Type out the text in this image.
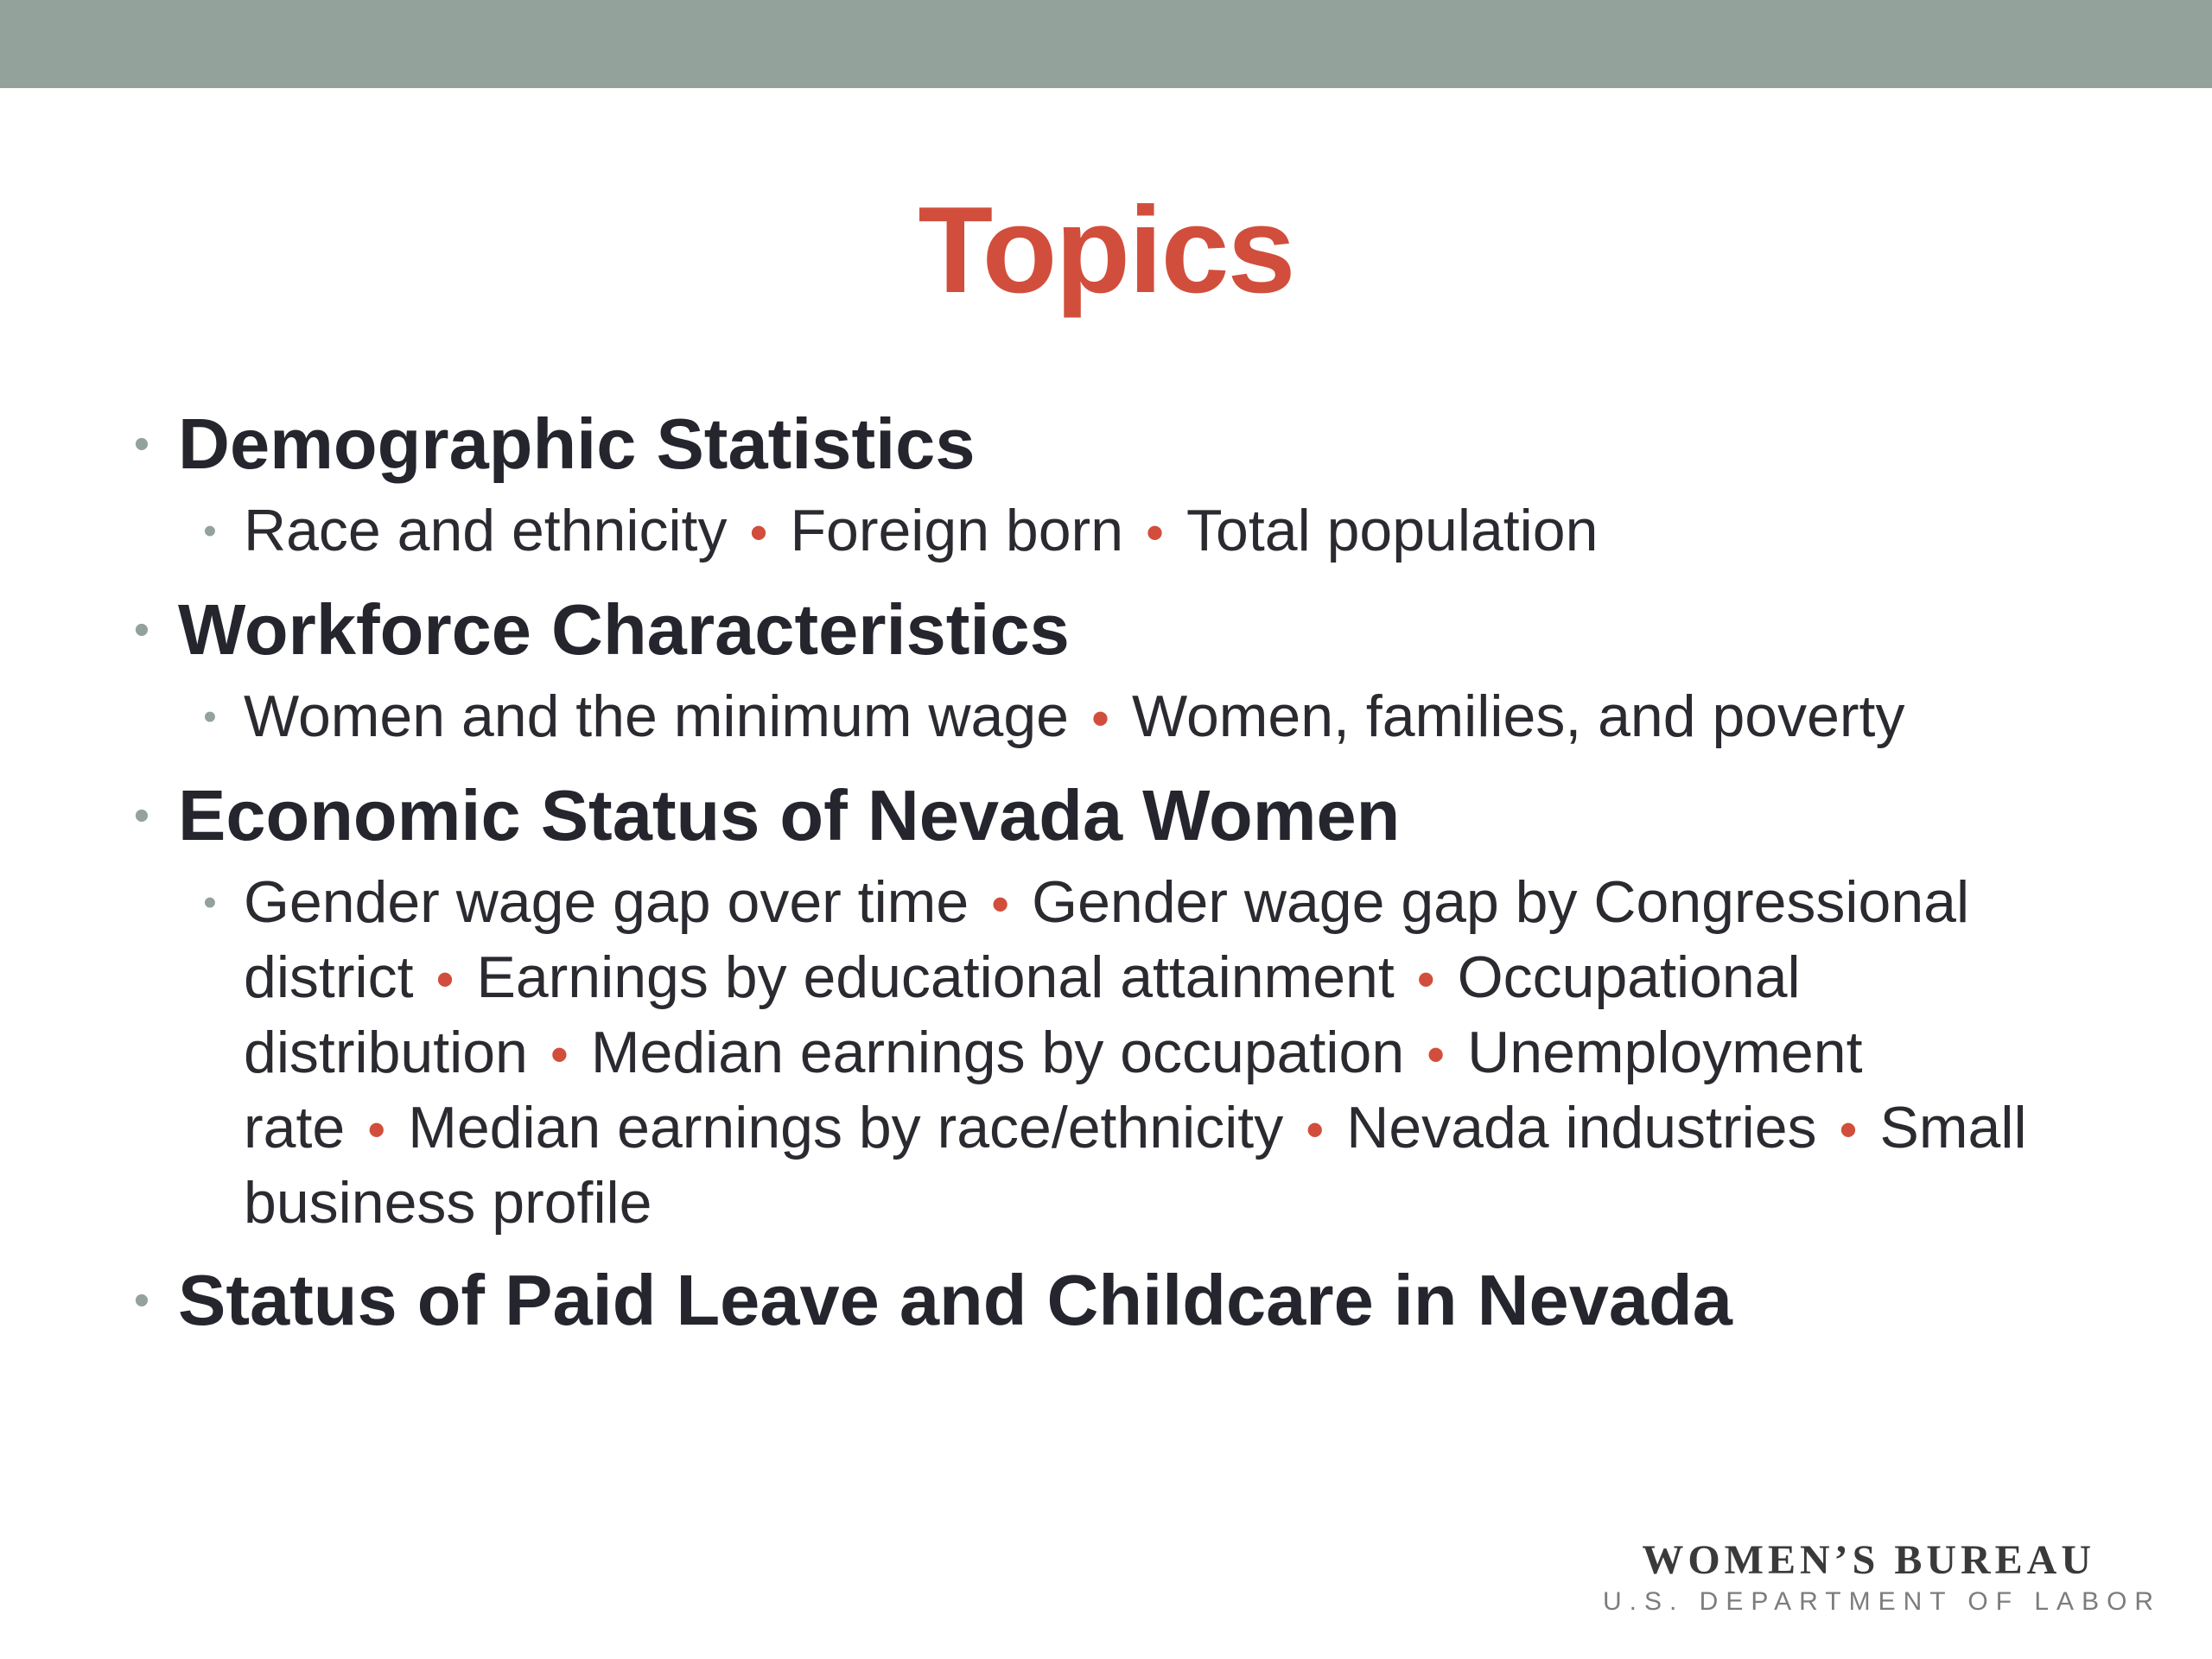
Topics
• Demographic Statistics
• Race and ethnicity • Foreign born • Total population
• Workforce Characteristics
• Women and the minimum wage • Women, families, and poverty
• Economic Status of Nevada Women
• Gender wage gap over time • Gender wage gap by Congressional district • Earnings by educational attainment • Occupational distribution • Median earnings by occupation • Unemployment rate • Median earnings by race/ethnicity • Nevada industries • Small business profile
• Status of Paid Leave and Childcare in Nevada
WOMEN’S BUREAU
U.S. DEPARTMENT OF LABOR
